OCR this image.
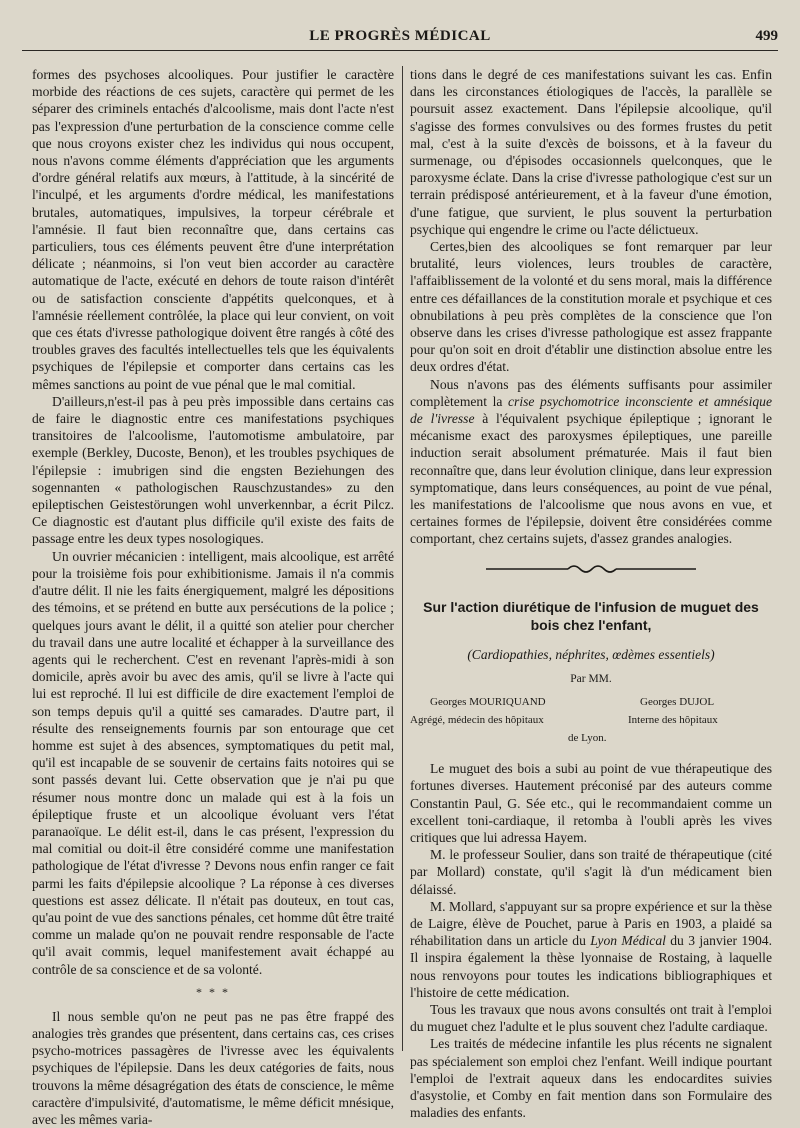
LE PROGRÈS MÉDICAL	499

formes des psychoses alcooliques. Pour justifier le caractère morbide des réactions de ces sujets, caractère qui permet de les séparer des criminels entachés d'alcoolisme, mais dont l'acte n'est pas l'expression d'une perturbation de la conscience comme celle que nous croyons exister chez les individus qui nous occupent, nous n'avons comme éléments d'appréciation que les arguments d'ordre général relatifs aux mœurs, à l'attitude, à la sincérité de l'inculpé, et les arguments d'ordre médical, les manifestations brutales, automatiques, impulsives, la torpeur cérébrale et l'amnésie. Il faut bien reconnaître que, dans certains cas particuliers, tous ces éléments peuvent être d'une interprétation délicate ; néanmoins, si l'on veut bien accorder au caractère automatique de l'acte, exécuté en dehors de toute raison d'intérêt ou de satisfaction consciente d'appétits quelconques, et à l'amnésie réellement contrôlée, la place qui leur convient, on voit que ces états d'ivresse pathologique doivent être rangés à côté des troubles graves des facultés intellectuelles tels que les équivalents psychiques de l'épilepsie et comporter dans certains cas les mêmes sanctions au point de vue pénal que le mal comitial.

D'ailleurs,n'est-il pas à peu près impossible dans certains cas de faire le diagnostic entre ces manifestations psychiques transitoires de l'alcoolisme, l'automotisme ambulatoire, par exemple (Berkley, Ducoste, Benon), et les troubles psychiques de l'épilepsie : imubrigen sind die engsten Beziehungen des sogennanten « pathologischen Rauschzustandes» zu den epileptischen Geistestörungen wohl unverkennbar, a écrit Pilcz. Ce diagnostic est d'autant plus difficile qu'il existe des faits de passage entre les deux types nosologiques.

Un ouvrier mécanicien : intelligent, mais alcoolique, est arrêté pour la troisième fois pour exhibitionisme. Jamais il n'a commis d'autre délit. Il nie les faits énergiquement, malgré les dépositions des témoins, et se prétend en butte aux persécutions de la police ; quelques jours avant le délit, il a quitté son atelier pour chercher du travail dans une autre localité et échapper à la surveillance des agents qui le recherchent. C'est en revenant l'après-midi à son domicile, après avoir bu avec des amis, qu'il se livre à l'acte qui lui est reproché. Il lui est difficile de dire exactement l'emploi de son temps depuis qu'il a quitté ses camarades. D'autre part, il résulte des renseignements fournis par son entourage que cet homme est sujet à des absences, symptomatiques du petit mal, qu'il est incapable de se souvenir de certains faits notoires qui se sont passés devant lui. Cette observation que je n'ai pu que résumer nous montre donc un malade qui est à la fois un épileptique fruste et un alcoolique évoluant vers l'état paranaoïque. Le délit est-il, dans le cas présent, l'expression du mal comitial ou doit-il être considéré comme une manifestation pathologique de l'état d'ivresse ? Devons nous enfin ranger ce fait parmi les faits d'épilepsie alcoolique ? La réponse à ces diverses questions est assez délicate. Il n'était pas douteux, en tout cas, qu'au point de vue des sanctions pénales, cet homme dût être traité comme un malade qu'on ne pouvait rendre responsable de l'acte qu'il avait commis, lequel manifestement avait échappé au contrôle de sa conscience et de sa volonté.

* * *

Il nous semble qu'on ne peut pas ne pas être frappé des analogies très grandes que présentent, dans certains cas, ces crises psycho-motrices passagères de l'ivresse avec les équivalents psychiques de l'épilepsie. Dans les deux catégories de faits, nous trouvons la même désagrégation des états de conscience, le même caractère d'impulsivité, d'automatisme, le même déficit mnésique, avec les mêmes varia-

tions dans le degré de ces manifestations suivant les cas. Enfin dans les circonstances étiologiques de l'accès, la parallèle se poursuit assez exactement. Dans l'épilepsie alcoolique, qu'il s'agisse des formes convulsives ou des formes frustes du petit mal, c'est à la suite d'excès de boissons, et à la faveur du surmenage, ou d'épisodes occasionnels quelconques, que le paroxysme éclate. Dans la crise d'ivresse pathologique c'est sur un terrain prédisposé antérieurement, et à la faveur d'une émotion, d'une fatigue, que survient, le plus souvent la perturbation psychique qui engendre le crime ou l'acte délictueux.

Certes,bien des alcooliques se font remarquer par leur brutalité, leurs violences, leurs troubles de caractère, l'affaiblissement de la volonté et du sens moral, mais la différence entre ces défaillances de la constitution morale et psychique et ces obnubilations à peu près complètes de la conscience que l'on observe dans les crises d'ivresse pathologique est assez frappante pour qu'on soit en droit d'établir une distinction absolue entre les deux ordres d'état.

Nous n'avons pas des éléments suffisants pour assimiler complètement la crise psychomotrice inconsciente et amnésique de l'ivresse à l'équivalent psychique épileptique ; ignorant le mécanisme exact des paroxysmes épileptiques, une pareille induction serait absolument prématurée. Mais il faut bien reconnaître que, dans leur évolution clinique, dans leur expression symptomatique, dans leurs conséquences, au point de vue pénal, les manifestations de l'alcoolisme que nous avons en vue, et certaines formes de l'épilepsie, doivent être considérées comme comportant, chez certains sujets, d'assez grandes analogies.

Sur l'action diurétique de l'infusion de muguet des bois chez l'enfant,
(Cardiopathies, néphrites, œdèmes essentiels)
Par MM.
Georges MOURIQUAND	Georges DUJOL
Agrégé, médecin des hôpitaux	Interne des hôpitaux
de Lyon.

Le muguet des bois a subi au point de vue thérapeutique des fortunes diverses. Hautement préconisé par des auteurs comme Constantin Paul, G. Sée etc., qui le recommandaient comme un excellent toni-cardiaque, il retomba à l'oubli après les vives critiques que lui adressa Hayem.

M. le professeur Soulier, dans son traité de thérapeutique (cité par Mollard) constate, qu'il s'agit là d'un médicament bien délaissé.

M. Mollard, s'appuyant sur sa propre expérience et sur la thèse de Laigre, élève de Pouchet, parue à Paris en 1903, a plaidé sa réhabilitation dans un article du Lyon Médical du 3 janvier 1904. Il inspira également la thèse lyonnaise de Rostaing, à laquelle nous renvoyons pour toutes les indications bibliographiques et l'histoire de cette médication.

Tous les travaux que nous avons consultés ont trait à l'emploi du muguet chez l'adulte et le plus souvent chez l'adulte cardiaque.

Les traités de médecine infantile les plus récents ne signalent pas spécialement son emploi chez l'enfant. Weill indique pourtant l'emploi de l'extrait aqueux dans les endocardites suivies d'asystolie, et Comby en fait mention dans son Formulaire des maladies des enfants.
